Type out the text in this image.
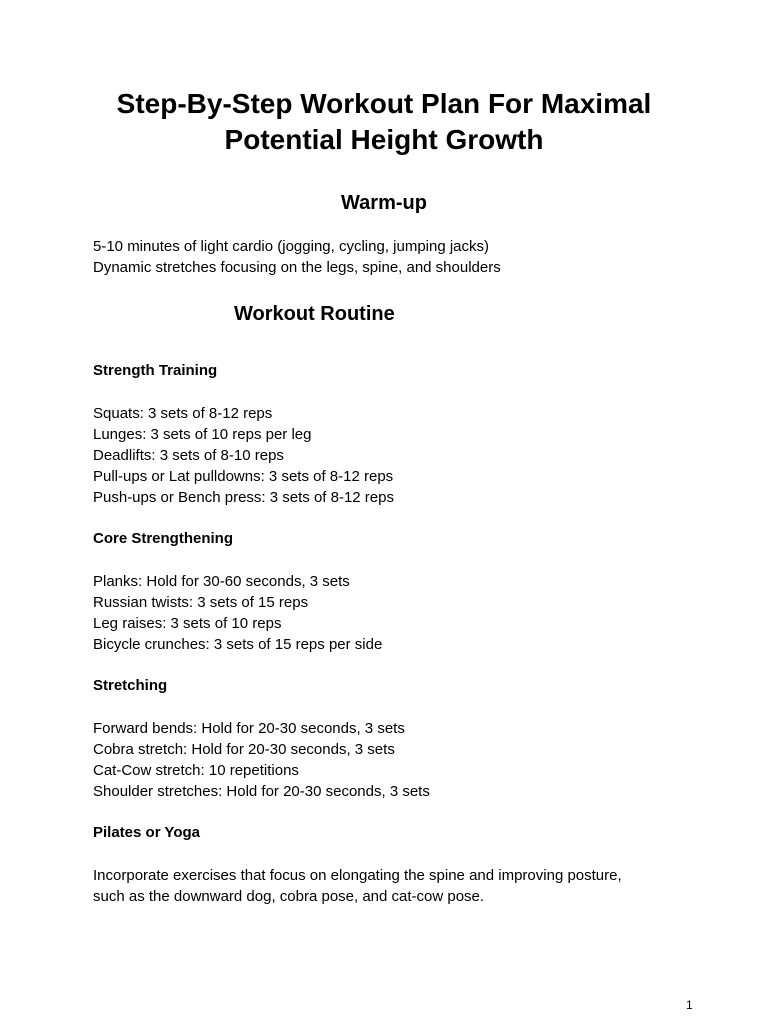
Step-By-Step Workout Plan For Maximal
Potential Height Growth
Warm-up
5-10 minutes of light cardio (jogging, cycling, jumping jacks)
Dynamic stretches focusing on the legs, spine, and shoulders
Workout Routine
Strength Training
Squats: 3 sets of 8-12 reps
Lunges: 3 sets of 10 reps per leg
Deadlifts: 3 sets of 8-10 reps
Pull-ups or Lat pulldowns: 3 sets of 8-12 reps
Push-ups or Bench press: 3 sets of 8-12 reps
Core Strengthening
Planks: Hold for 30-60 seconds, 3 sets
Russian twists: 3 sets of 15 reps
Leg raises: 3 sets of 10 reps
Bicycle crunches: 3 sets of 15 reps per side
Stretching
Forward bends: Hold for 20-30 seconds, 3 sets
Cobra stretch: Hold for 20-30 seconds, 3 sets
Cat-Cow stretch: 10 repetitions
Shoulder stretches: Hold for 20-30 seconds, 3 sets
Pilates or Yoga

Incorporate exercises that focus on elongating the spine and improving posture, such as the downward dog, cobra pose, and cat-cow pose.

1
